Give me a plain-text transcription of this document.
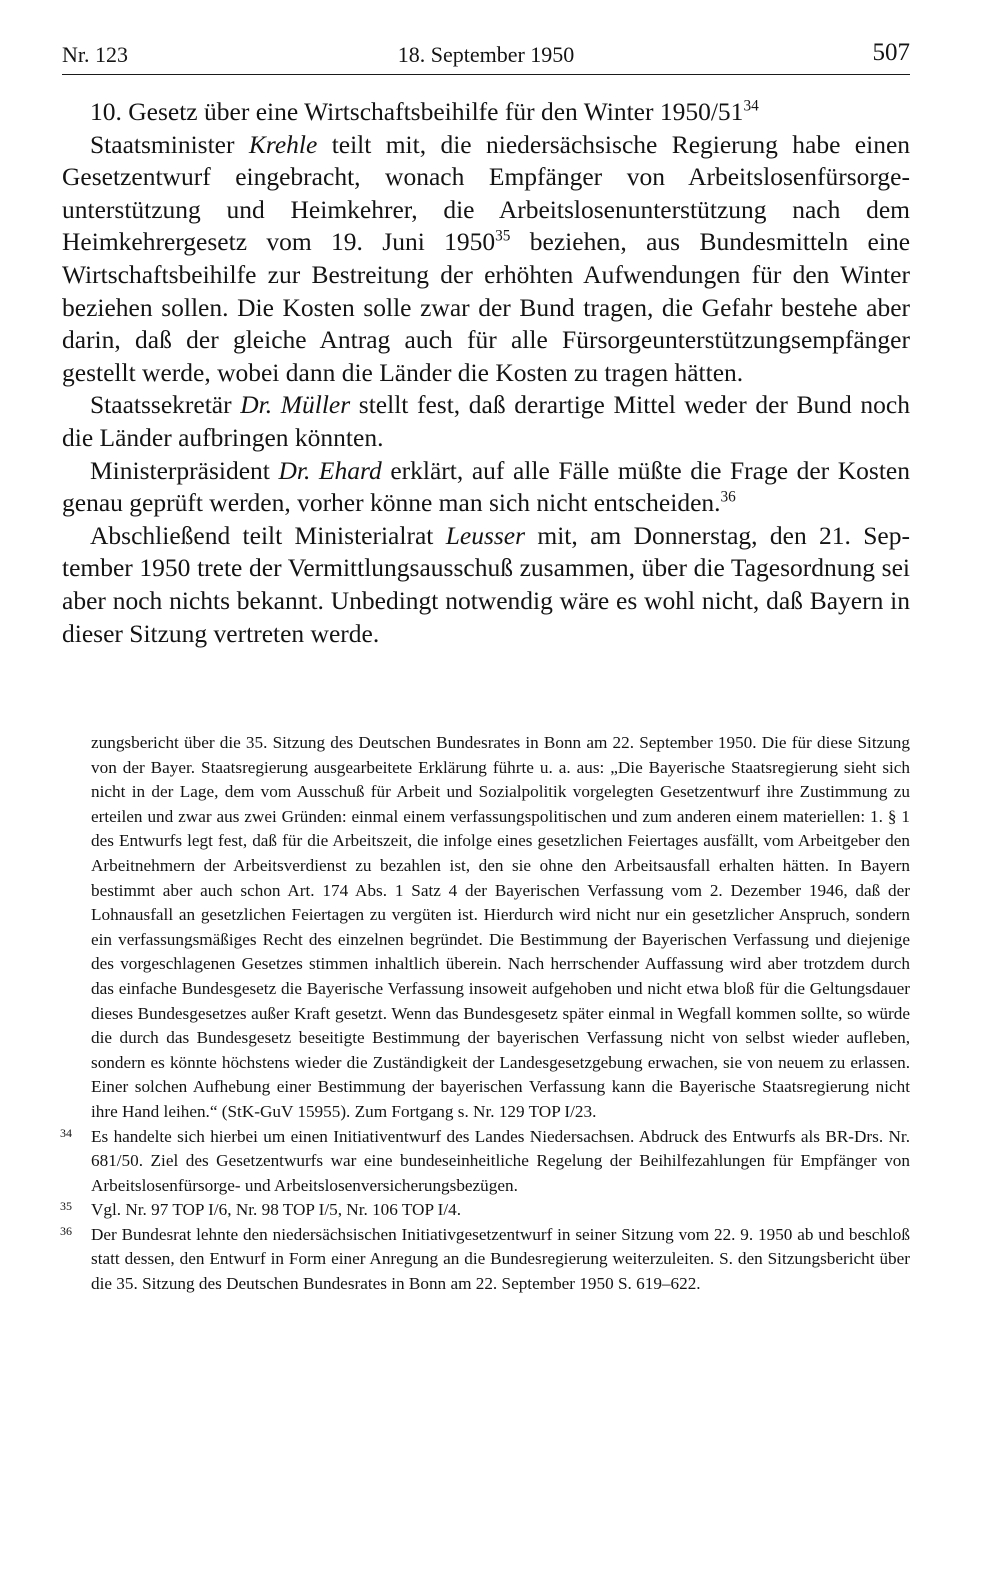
Nr. 123	18. September 1950	507

10. Gesetz über eine Wirtschaftsbeihilfe für den Winter $1950/51^{34}$

Staatsminister Krehle teilt mit, die niedersächsische Regierung habe einen Gesetzentwurf eingebracht, wonach Empfänger von Arbeitslosenfürsorgeunterstützung und Heimkehrer, die Arbeitslosenunterstützung nach dem Heimkehrergesetz vom 19. Juni 1950$^{35}$ beziehen, aus Bundesmitteln eine Wirtschaftsbeihilfe zur Bestreitung der erhöhten Aufwendungen für den Winter beziehen sollen. Die Kosten solle zwar der Bund tragen, die Gefahr bestehe aber darin, daß der gleiche Antrag auch für alle Fürsorgeunterstützungsempfänger gestellt werde, wobei dann die Länder die Kosten zu tragen hätten.

Staatssekretär Dr. Müller stellt fest, daß derartige Mittel weder der Bund noch die Länder aufbringen könnten.

Ministerpräsident Dr. Ehard erklärt, auf alle Fälle müßte die Frage der Kosten genau geprüft werden, vorher könne man sich nicht entscheiden.$^{36}$

Abschließend teilt Ministerialrat Leusser mit, am Donnerstag, den 21. September 1950 trete der Vermittlungsausschuß zusammen, über die Tagesordnung sei aber noch nichts bekannt. Unbedingt notwendig wäre es wohl nicht, daß Bayern in dieser Sitzung vertreten werde.

zungsbericht über die 35. Sitzung des Deutschen Bundesrates in Bonn am 22. September 1950. Die für diese Sitzung von der Bayer. Staatsregierung ausgearbeitete Erklärung führte u. a. aus: „Die Bayerische Staatsregierung sieht sich nicht in der Lage, dem vom Ausschuß für Arbeit und Sozialpolitik vorgelegten Gesetzentwurf ihre Zustimmung zu erteilen und zwar aus zwei Gründen: einmal einem verfassungspolitischen und zum anderen einem materiellen: 1. § 1 des Entwurfs legt fest, daß für die Arbeitszeit, die infolge eines gesetzlichen Feiertages ausfällt, vom Arbeitgeber den Arbeitnehmern der Arbeitsverdienst zu bezahlen ist, den sie ohne den Arbeitsausfall erhalten hätten. In Bayern bestimmt aber auch schon Art. 174 Abs. 1 Satz 4 der Bayerischen Verfassung vom 2. Dezember 1946, daß der Lohnausfall an gesetzlichen Feiertagen zu vergüten ist. Hierdurch wird nicht nur ein gesetzlicher Anspruch, sondern ein verfassungsmäßiges Recht des einzelnen begründet. Die Bestimmung der Bayerischen Verfassung und diejenige des vorgeschlagenen Gesetzes stimmen inhaltlich überein. Nach herrschender Auffassung wird aber trotzdem durch das einfache Bundesgesetz die Bayerische Verfassung insoweit aufgehoben und nicht etwa bloß für die Geltungsdauer dieses Bundesgesetzes außer Kraft gesetzt. Wenn das Bundesgesetz später einmal in Wegfall kommen sollte, so würde die durch das Bundesgesetz beseitigte Bestimmung der bayerischen Verfassung nicht von selbst wieder aufleben, sondern es könnte höchstens wieder die Zuständigkeit der Landesgesetzgebung erwachen, sie von neuem zu erlassen. Einer solchen Aufhebung einer Bestimmung der bayerischen Verfassung kann die Bayerische Staatsregierung nicht ihre Hand leihen.“ (StK-GuV 15955). Zum Fortgang s. Nr. 129 TOP I/23.

34 Es handelte sich hierbei um einen Initiativentwurf des Landes Niedersachsen. Abdruck des Entwurfs als BR-Drs. Nr. 681/50. Ziel des Gesetzentwurfs war eine bundeseinheitliche Regelung der Beihilfezahlungen für Empfänger von Arbeitslosenfürsorge- und Arbeitslosenversicherungsbezügen.

35 Vgl. Nr. 97 TOP I/6, Nr. 98 TOP I/5, Nr. 106 TOP I/4.

36 Der Bundesrat lehnte den niedersächsischen Initiativgesetzentwurf in seiner Sitzung vom 22. 9. 1950 ab und beschloß statt dessen, den Entwurf in Form einer Anregung an die Bundesregierung weiterzuleiten. S. den Sitzungsbericht über die 35. Sitzung des Deutschen Bundesrates in Bonn am 22. September 1950 S. 619–622.
